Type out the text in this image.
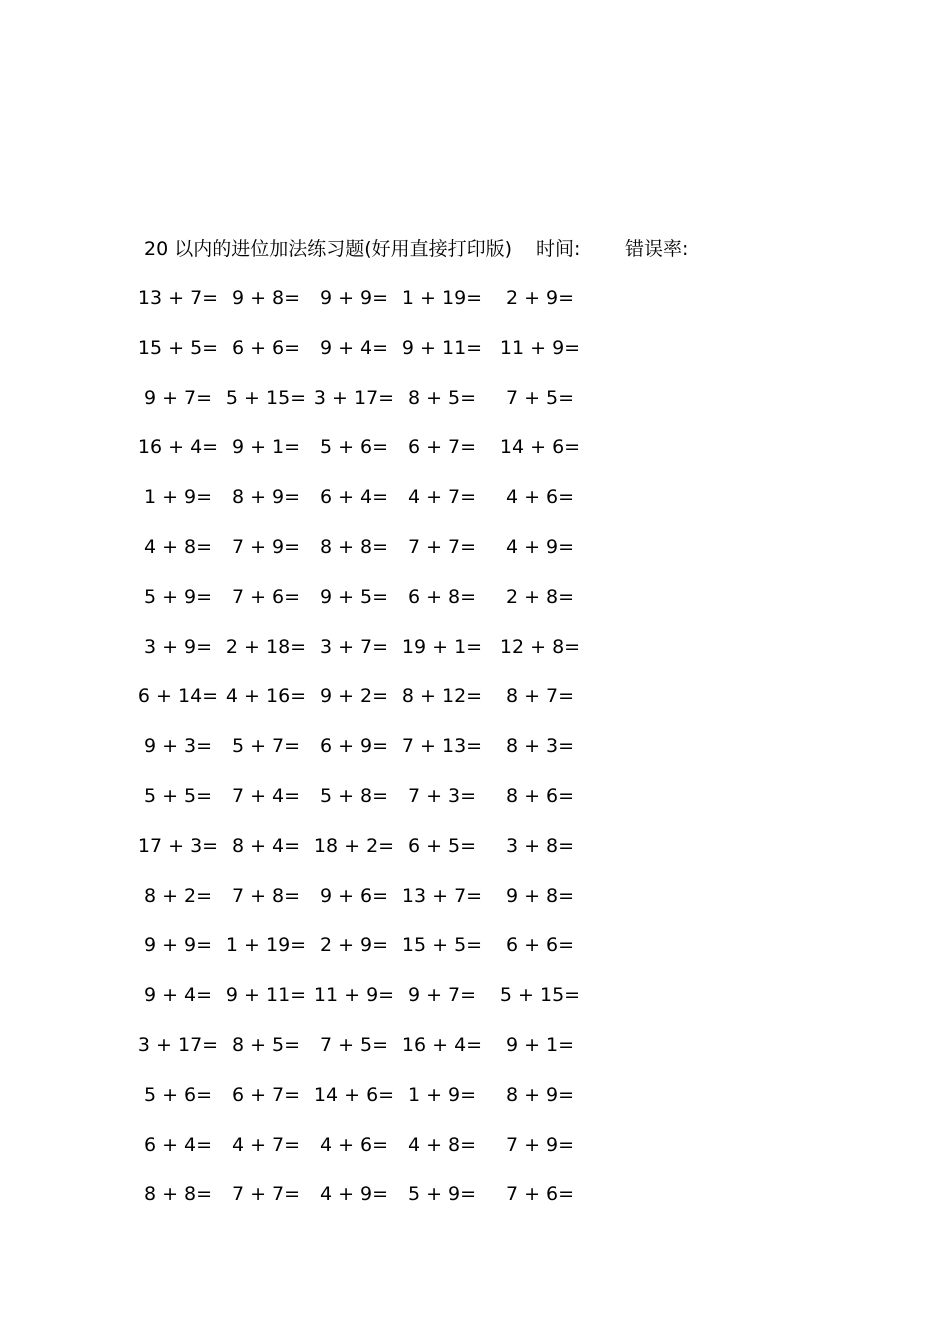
20 以内的进位加法练习题(好用直接打印版) 时间: 错误率:
13 + 7= 9 + 8=	9 + 9= 1 + 19=	2 + 9=
15 + 5= 6 + 6=	9 + 4= 9 + 11= 11 + 9=
9 + 7= 5 + 15= 3 + 17= 8 + 5=	7 + 5=
16 + 4= 9 + 1=	5 + 6=	6 + 7=	14 + 6=
1 + 9=	8 + 9=	6 + 4=	4 + 7=	4 + 6=
4 + 8=	7 + 9=	8 + 8=	7 + 7=	4 + 9=
5 + 9=	7 + 6=	9 + 5=	6 + 8=	2 + 8=
3 + 9= 2 + 18= 3 + 7= 19 + 1= 12 + 8=
6 + 14= 4 + 16= 9 + 2= 8 + 12=	8 + 7=
9 + 3=	5 + 7=	6 + 9= 7 + 13=	8 + 3=
5 + 5=	7 + 4=	5 + 8=	7 + 3=	8 + 6=
17 + 3= 8 + 4= 18 + 2= 6 + 5=	3 + 8=
8 + 2=	7 + 8=	9 + 6= 13 + 7=	9 + 8=
9 + 9= 1 + 19= 2 + 9= 15 + 5=	6 + 6=
9 + 4= 9 + 11= 11 + 9= 9 + 7=	5 + 15=
3 + 17= 8 + 5=	7 + 5= 16 + 4=	9 + 1=
5 + 6=	6 + 7= 14 + 6= 1 + 9=	8 + 9=
6 + 4=	4 + 7=	4 + 6=	4 + 8=	7 + 9=
8 + 8=	7 + 7=	4 + 9=	5 + 9=	7 + 6=
